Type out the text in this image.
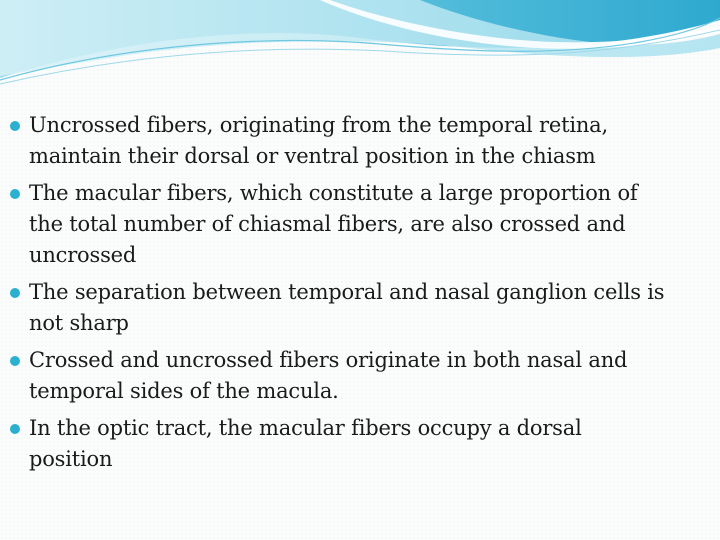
Uncrossed fibers, originating from the temporal retina,
maintain their dorsal or ventral position in the chiasm
The macular fibers, which constitute a large proportion of
the total number of chiasmal fibers, are also crossed and
uncrossed
The separation between temporal and nasal ganglion cells is
not sharp
Crossed and uncrossed fibers originate in both nasal and
temporal sides of the macula.
In the optic tract, the macular fibers occupy a dorsal
position
